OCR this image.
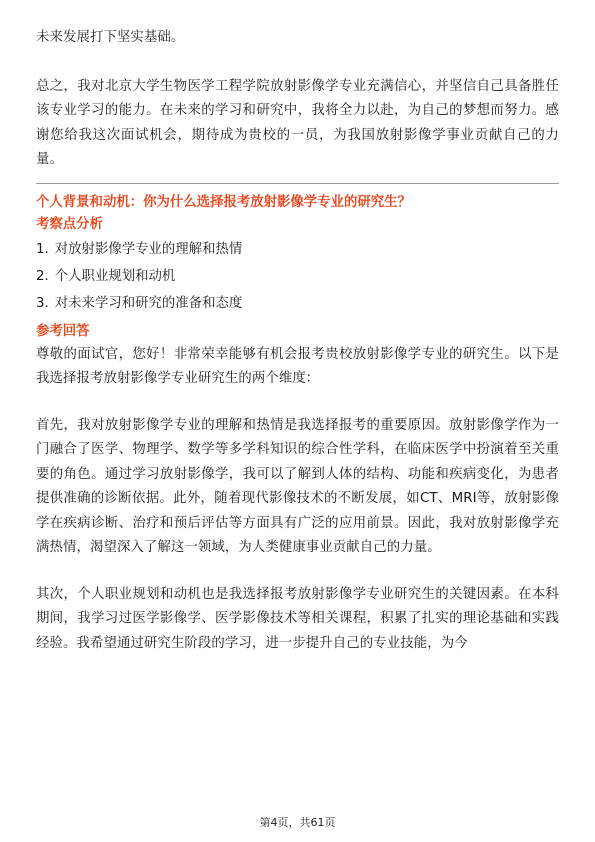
未来发展打下坚实基础。

总之，我对北京大学生物医学工程学院放射影像学专业充满信心，并坚信自己具备胜任该专业学习的能力。在未来的学习和研究中，我将全力以赴，为自己的梦想而努力。感谢您给我这次面试机会，期待成为贵校的一员，为我国放射影像学事业贡献自己的力量。

个人背景和动机：你为什么选择报考放射影像学专业的研究生？
考察点分析
1. 对放射影像学专业的理解和热情
2. 个人职业规划和动机
3. 对未来学习和研究的准备和态度
参考回答

尊敬的面试官，您好！非常荣幸能够有机会报考贵校放射影像学专业的研究生。以下是我选择报考放射影像学专业研究生的两个维度：

首先，我对放射影像学专业的理解和热情是我选择报考的重要原因。放射影像学作为一门融合了医学、物理学、数学等多学科知识的综合性学科，在临床医学中扮演着至关重要的角色。通过学习放射影像学，我可以了解到人体的结构、功能和疾病变化，为患者提供准确的诊断依据。此外，随着现代影像技术的不断发展，如CT、MRI等，放射影像学在疾病诊断、治疗和预后评估等方面具有广泛的应用前景。因此，我对放射影像学充满热情，渴望深入了解这一领域，为人类健康事业贡献自己的力量。

其次，个人职业规划和动机也是我选择报考放射影像学专业研究生的关键因素。在本科期间，我学习过医学影像学、医学影像技术等相关课程，积累了扎实的理论基础和实践经验。我希望通过研究生阶段的学习，进一步提升自己的专业技能，为今

第4页，共61页
